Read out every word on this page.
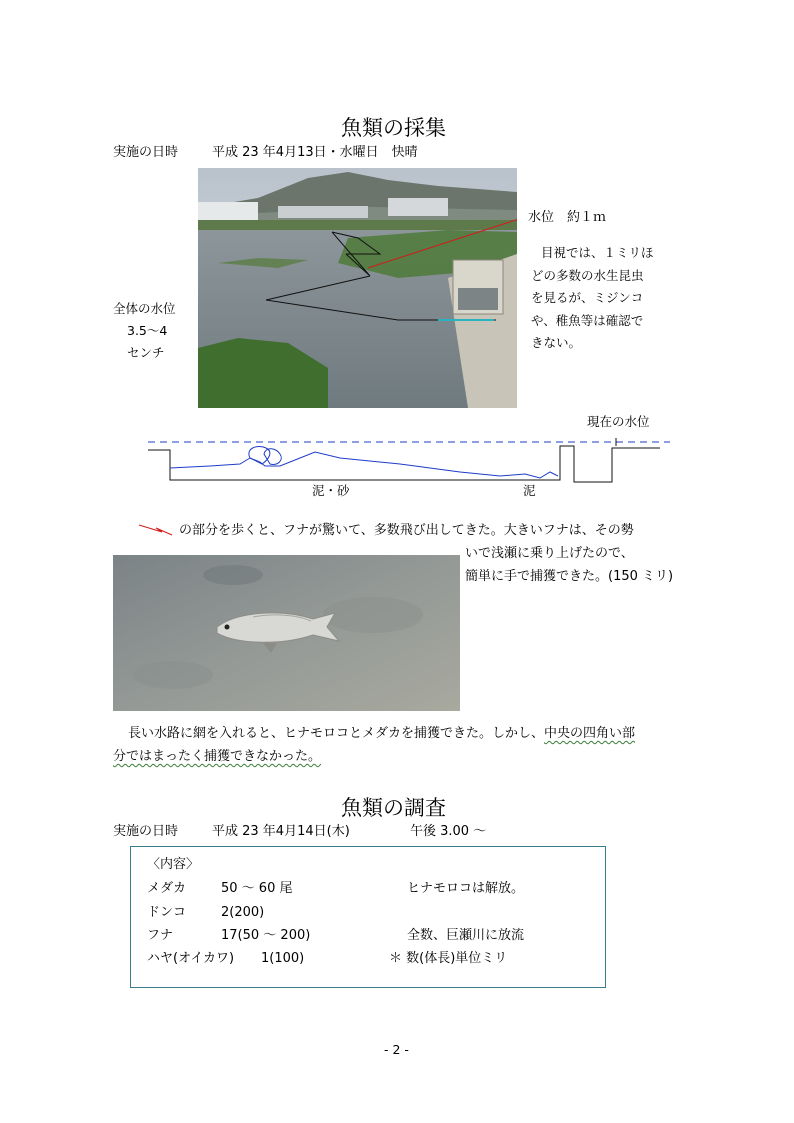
魚類の採集
実施の日時	平成 23 年4月13日・水曜日　快晴
水位　約１ｍ
目視では、１ミリほ
どの多数の水生昆虫
を見るが、ミジンコ
や、稚魚等は確認で
きない。
全体の水位
3.5～4
センチ
現在の水位
泥・砂	泥
の部分を歩くと、フナが驚いて、多数飛び出してきた。大きいフナは、その勢
いで浅瀬に乗り上げたので、
簡単に手で捕獲できた。(150 ミリ)
長い水路に網を入れると、ヒナモロコとメダカを捕獲できた。しかし、中央の四角い部
分ではまったく捕獲できなかった。
魚類の調査
実施の日時	平成 23 年4月14日(木)	午後 3.00 ～
〈内容〉
メダカ	50 ～ 60 尾	ヒナモロコは解放。
ドンコ	2(200)
フナ	17(50 ～ 200)	全数、巨瀬川に放流
ハヤ(オイカワ) 1(100)	＊ 数(体長)単位ミリ
- 2 -
